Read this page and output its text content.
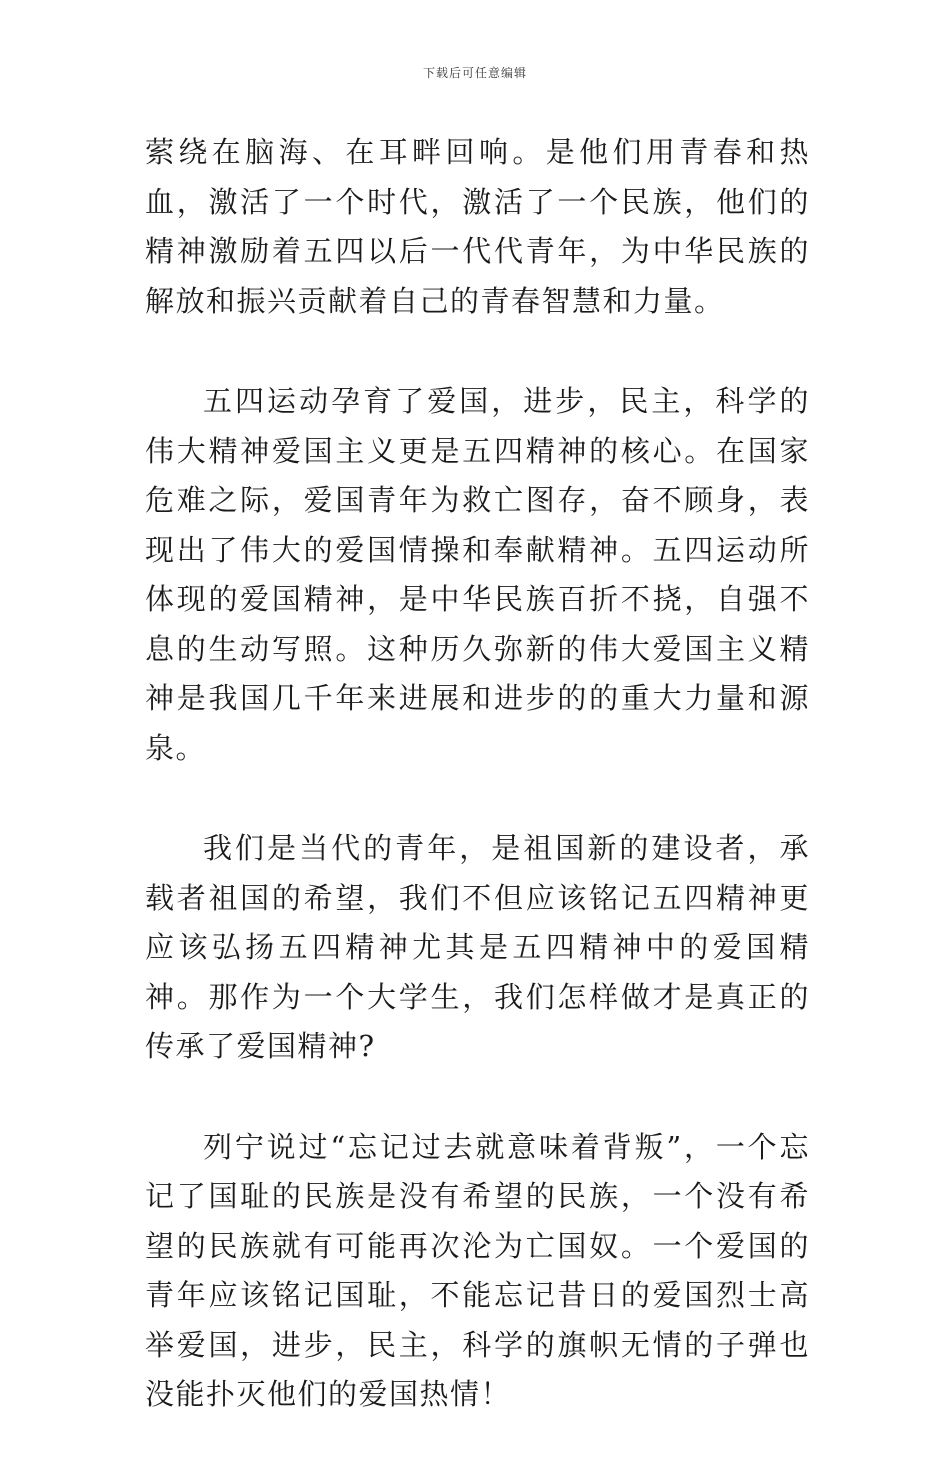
下载后可任意编辑

萦绕在脑海、在耳畔回响。是他们用青春和热血，激活了一个时代，激活了一个民族，他们的精神激励着五四以后一代代青年，为中华民族的解放和振兴贡献着自己的青春智慧和力量。

五四运动孕育了爱国，进步，民主，科学的伟大精神爱国主义更是五四精神的核心。在国家危难之际，爱国青年为救亡图存，奋不顾身，表现出了伟大的爱国情操和奉献精神。五四运动所体现的爱国精神，是中华民族百折不挠，自强不息的生动写照。这种历久弥新的伟大爱国主义精神是我国几千年来进展和进步的的重大力量和源泉。

我们是当代的青年，是祖国新的建设者，承载者祖国的希望，我们不但应该铭记五四精神更应该弘扬五四精神尤其是五四精神中的爱国精神。那作为一个大学生，我们怎样做才是真正的传承了爱国精神?

列宁说过“忘记过去就意味着背叛”，一个忘记了国耻的民族是没有希望的民族，一个没有希望的民族就有可能再次沦为亡国奴。一个爱国的青年应该铭记国耻，不能忘记昔日的爱国烈士高举爱国，进步，民主，科学的旗帜无情的子弹也没能扑灭他们的爱国热情！
